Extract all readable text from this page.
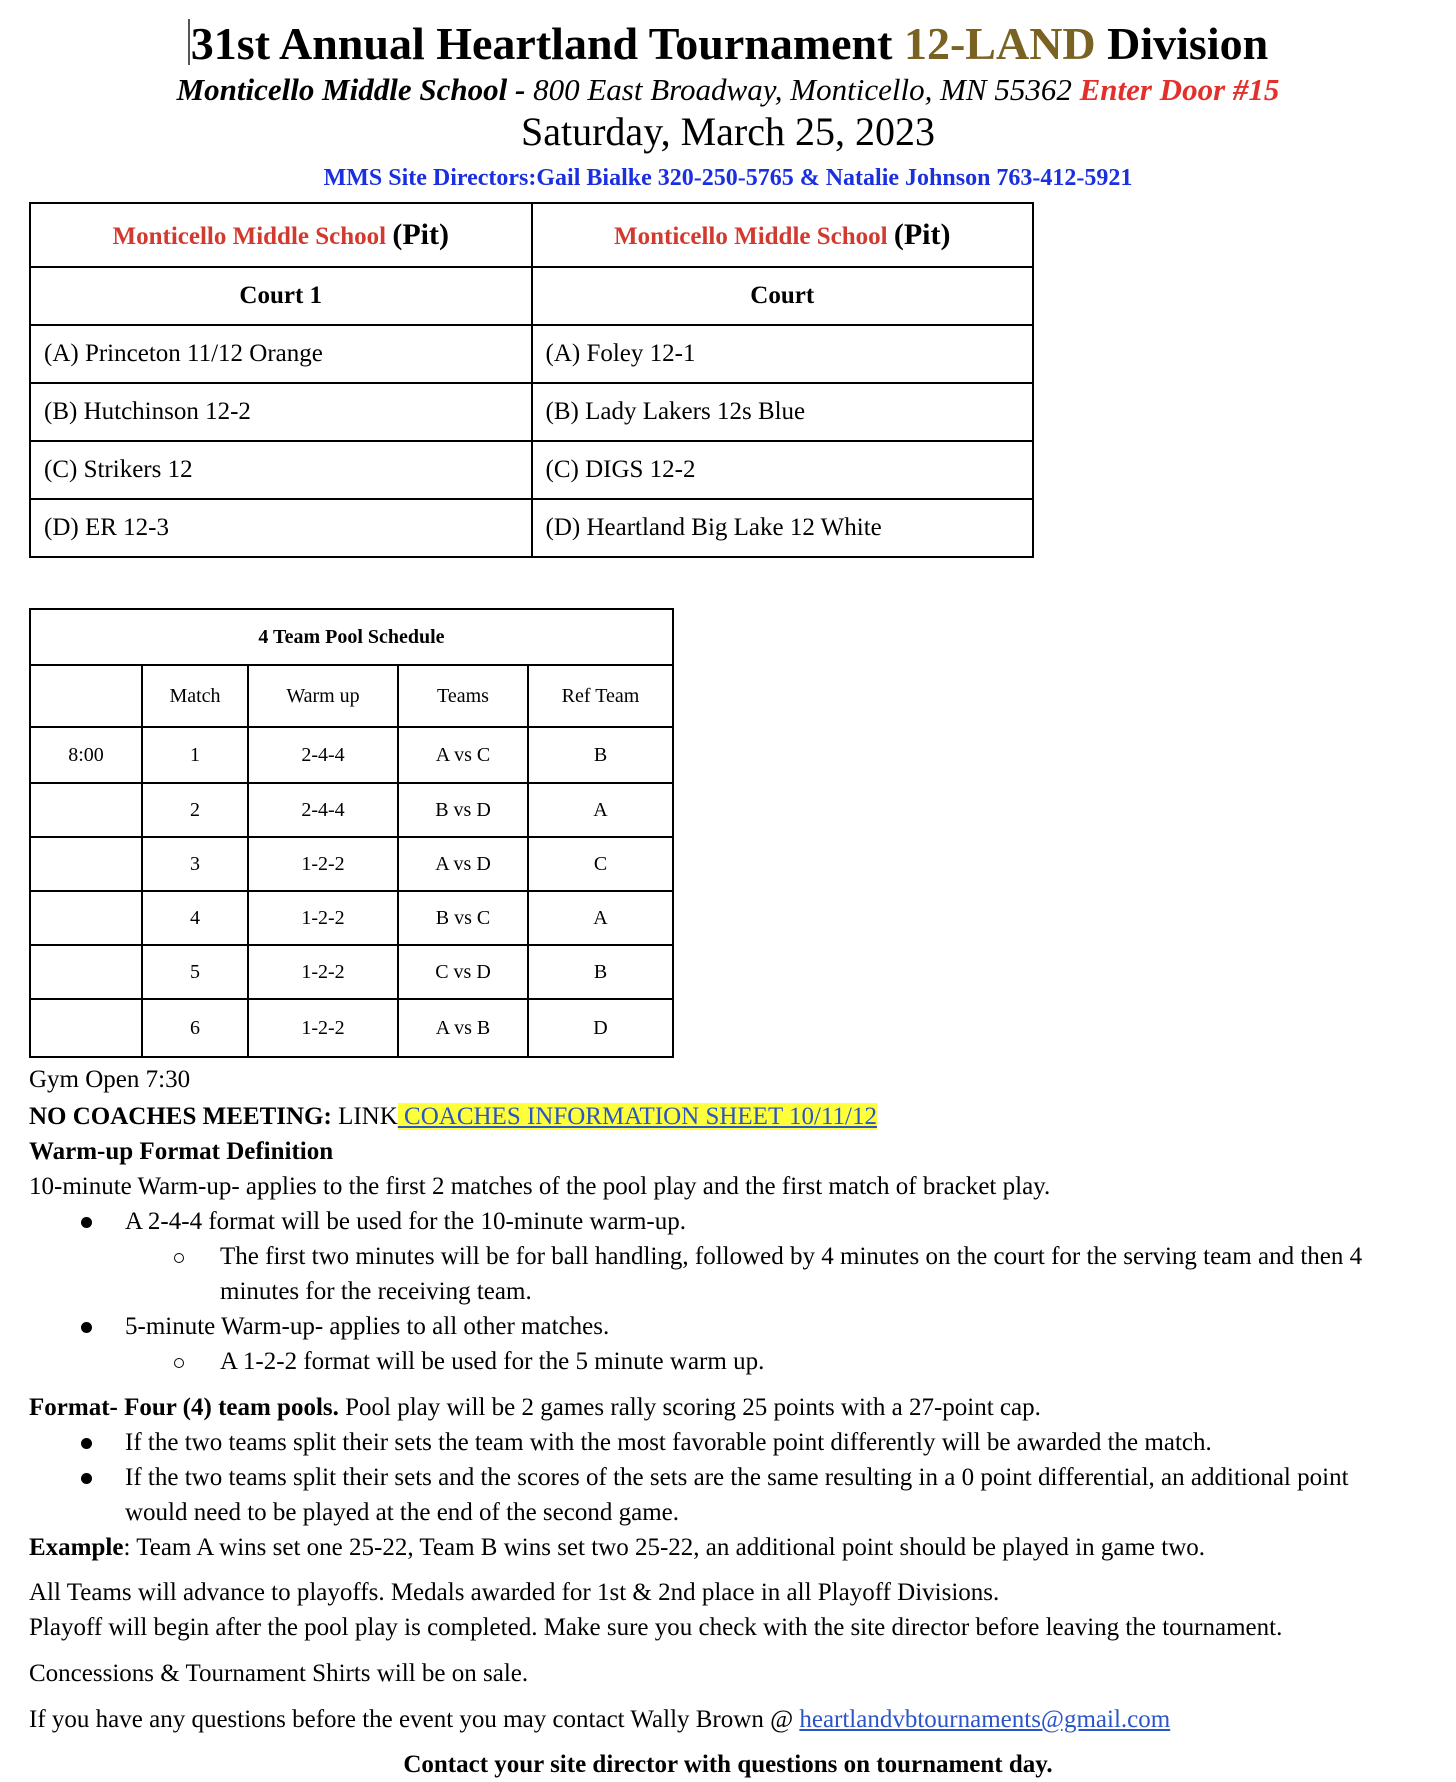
31st Annual Heartland Tournament 12-LAND Division
Monticello Middle School - 800 East Broadway, Monticello, MN 55362 Enter Door #15
Saturday, March 25, 2023
MMS Site Directors:Gail Bialke 320-250-5765 & Natalie Johnson 763-412-5921
Monticello Middle School (Pit)	Monticello Middle School (Pit)
Court 1	Court
(A) Princeton 11/12 Orange	(A) Foley 12-1
(B) Hutchinson 12-2	(B) Lady Lakers 12s Blue
(C) Strikers 12	(C) DIGS 12-2
(D) ER 12-3	(D) Heartland Big Lake 12 White
4 Team Pool Schedule				
	Match	Warm up	Teams	Ref Team
8:00	1	2-4-4	A vs C	B
	2	2-4-4	B vs D	A
	3	1-2-2	A vs D	C
	4	1-2-2	B vs C	A
	5	1-2-2	C vs D	B
	6	1-2-2	A vs B	D
Gym Open 7:30
NO COACHES MEETING: LINK COACHES INFORMATION SHEET 10/11/12
Warm-up Format Definition
10-minute Warm-up- applies to the first 2 matches of the pool play and the first match of bracket play.
A 2-4-4 format will be used for the 10-minute warm-up.
The first two minutes will be for ball handling, followed by 4 minutes on the court for the serving team and then 4
minutes for the receiving team.
5-minute Warm-up- applies to all other matches.
A 1-2-2 format will be used for the 5 minute warm up.
Format- Four (4) team pools. Pool play will be 2 games rally scoring 25 points with a 27-point cap.
If the two teams split their sets the team with the most favorable point differently will be awarded the match.
If the two teams split their sets and the scores of the sets are the same resulting in a 0 point differential, an additional point
would need to be played at the end of the second game.
Example: Team A wins set one 25-22, Team B wins set two 25-22, an additional point should be played in game two.
All Teams will advance to playoffs. Medals awarded for 1st & 2nd place in all Playoff Divisions.
Playoff will begin after the pool play is completed. Make sure you check with the site director before leaving the tournament.
Concessions & Tournament Shirts will be on sale.
If you have any questions before the event you may contact Wally Brown @ heartlandvbtournaments@gmail.com
Contact your site director with questions on tournament day.
